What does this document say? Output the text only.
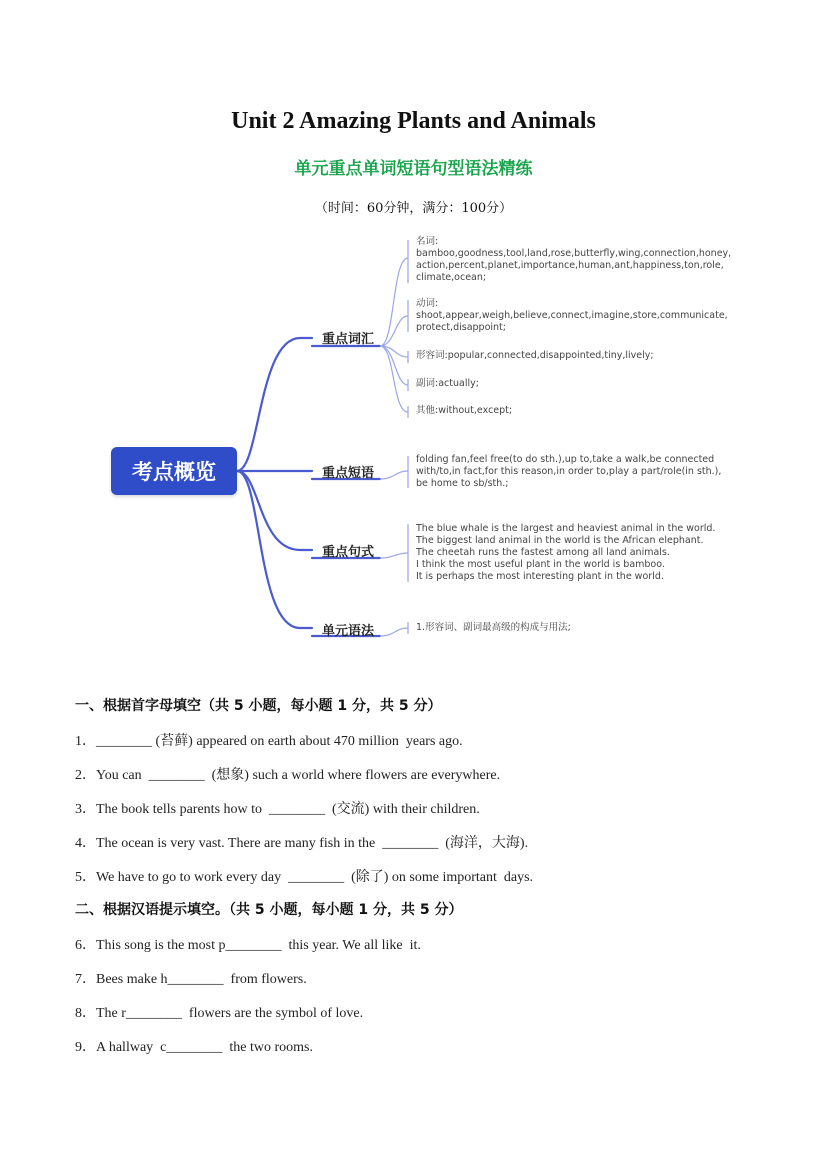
Unit 2 Amazing Plants and Animals
单元重点单词短语句型语法精练
（时间：60分钟，满分：100分）
考点概览
重点词汇
重点短语
重点句式
单元语法
名词:
bamboo,goodness,tool,land,rose,butterfly,wing,connection,honey,
action,percent,planet,importance,human,ant,happiness,ton,role,
climate,ocean;
动词:
shoot,appear,weigh,believe,connect,imagine,store,communicate,
protect,disappoint;
形容词:popular,connected,disappointed,tiny,lively;
副词:actually;
其他:without,except;
folding fan,feel free(to do sth.),up to,take a walk,be connected
with/to,in fact,for this reason,in order to,play a part/role(in sth.),
be home to sb/sth.;
The blue whale is the largest and heaviest animal in the world.
The biggest land animal in the world is the African elephant.
The cheetah runs the fastest among all land animals.
I think the most useful plant in the world is bamboo.
It is perhaps the most interesting plant in the world.
1.形容词、副词最高级的构成与用法;
一、根据首字母填空（共 5 小题，每小题 1 分，共 5 分）
1．________ (苔藓) appeared on earth about 470 million  years ago.
2．You can  ________  (想象) such a world where flowers are everywhere.
3．The book tells parents how to  ________  (交流) with their children.
4．The ocean is very vast. There are many fish in the  ________  (海洋，大海).
5．We have to go to work every day  ________  (除了) on some important  days.
二、根据汉语提示填空。（共 5 小题，每小题 1 分，共 5 分）
6．This song is the most p________  this year. We all like  it.
7．Bees make h________  from flowers.
8．The r________  flowers are the symbol of love.
9．A hallway  c________  the two rooms.
